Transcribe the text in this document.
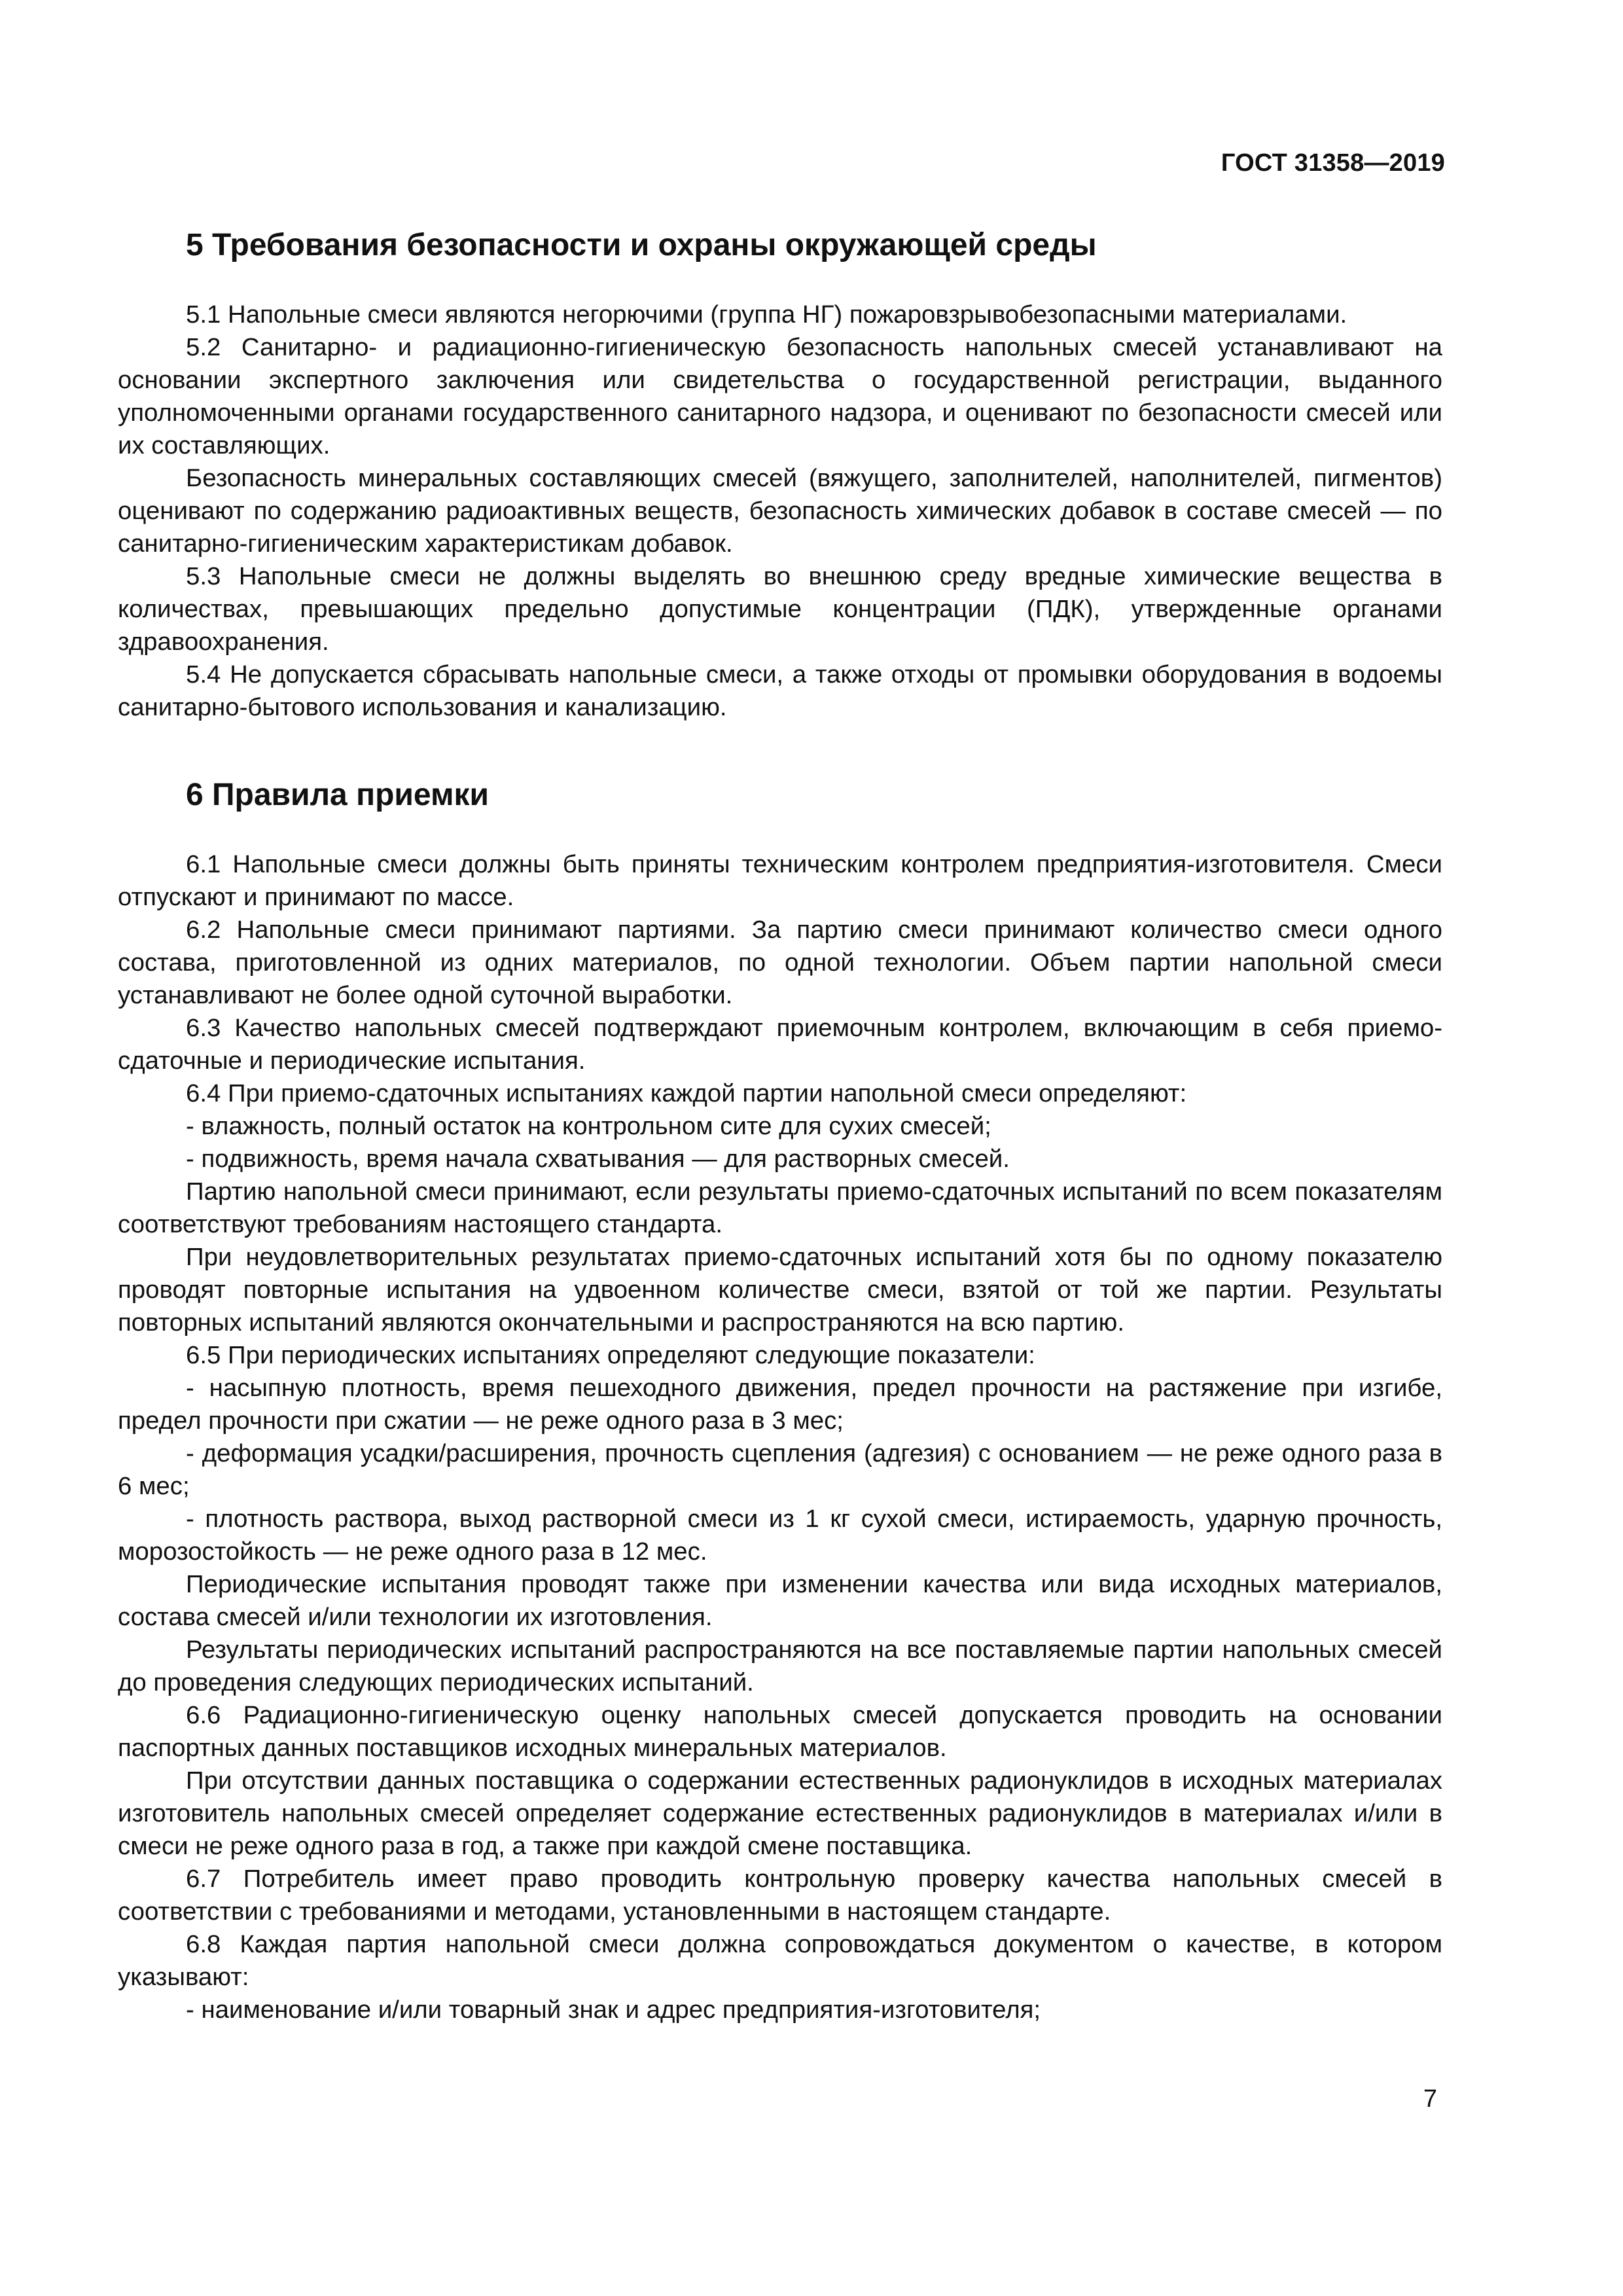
ГОСТ 31358—2019
5 Требования безопасности и охраны окружающей среды

5.1 Напольные смеси являются негорючими (группа НГ) пожаровзрывобезопасными материалами.

5.2 Санитарно- и радиационно-гигиеническую безопасность напольных смесей устанавливают на основании экспертного заключения или свидетельства о государственной регистрации, выданного уполномоченными органами государственного санитарного надзора, и оценивают по безопасности смесей или их составляющих.

Безопасность минеральных составляющих смесей (вяжущего, заполнителей, наполнителей, пигментов) оценивают по содержанию радиоактивных веществ, безопасность химических добавок в составе смесей — по санитарно-гигиеническим характеристикам добавок.

5.3 Напольные смеси не должны выделять во внешнюю среду вредные химические вещества в количествах, превышающих предельно допустимые концентрации (ПДК), утвержденные органами здравоохранения.

5.4 Не допускается сбрасывать напольные смеси, а также отходы от промывки оборудования в водоемы санитарно-бытового использования и канализацию.

6 Правила приемки

6.1 Напольные смеси должны быть приняты техническим контролем предприятия-изготовителя. Смеси отпускают и принимают по массе.

6.2 Напольные смеси принимают партиями. За партию смеси принимают количество смеси одного состава, приготовленной из одних материалов, по одной технологии. Объем партии напольной смеси устанавливают не более одной суточной выработки.

6.3 Качество напольных смесей подтверждают приемочным контролем, включающим в себя приемо-сдаточные и периодические испытания.

6.4 При приемо-сдаточных испытаниях каждой партии напольной смеси определяют:

- влажность, полный остаток на контрольном сите для сухих смесей;

- подвижность, время начала схватывания — для растворных смесей.

Партию напольной смеси принимают, если результаты приемо-сдаточных испытаний по всем показателям соответствуют требованиям настоящего стандарта.

При неудовлетворительных результатах приемо-сдаточных испытаний хотя бы по одному показателю проводят повторные испытания на удвоенном количестве смеси, взятой от той же партии. Результаты повторных испытаний являются окончательными и распространяются на всю партию.

6.5 При периодических испытаниях определяют следующие показатели:

- насыпную плотность, время пешеходного движения, предел прочности на растяжение при изгибе, предел прочности при сжатии — не реже одного раза в 3 мес;

- деформация усадки/расширения, прочность сцепления (адгезия) с основанием — не реже одного раза в 6 мес;

- плотность раствора, выход растворной смеси из 1 кг сухой смеси, истираемость, ударную прочность, морозостойкость — не реже одного раза в 12 мес.

Периодические испытания проводят также при изменении качества или вида исходных материалов, состава смесей и/или технологии их изготовления.

Результаты периодических испытаний распространяются на все поставляемые партии напольных смесей до проведения следующих периодических испытаний.

6.6 Радиационно-гигиеническую оценку напольных смесей допускается проводить на основании паспортных данных поставщиков исходных минеральных материалов.

При отсутствии данных поставщика о содержании естественных радионуклидов в исходных материалах изготовитель напольных смесей определяет содержание естественных радионуклидов в материалах и/или в смеси не реже одного раза в год, а также при каждой смене поставщика.

6.7 Потребитель имеет право проводить контрольную проверку качества напольных смесей в соответствии с требованиями и методами, установленными в настоящем стандарте.

6.8 Каждая партия напольной смеси должна сопровождаться документом о качестве, в котором указывают:

- наименование и/или товарный знак и адрес предприятия-изготовителя;

7
